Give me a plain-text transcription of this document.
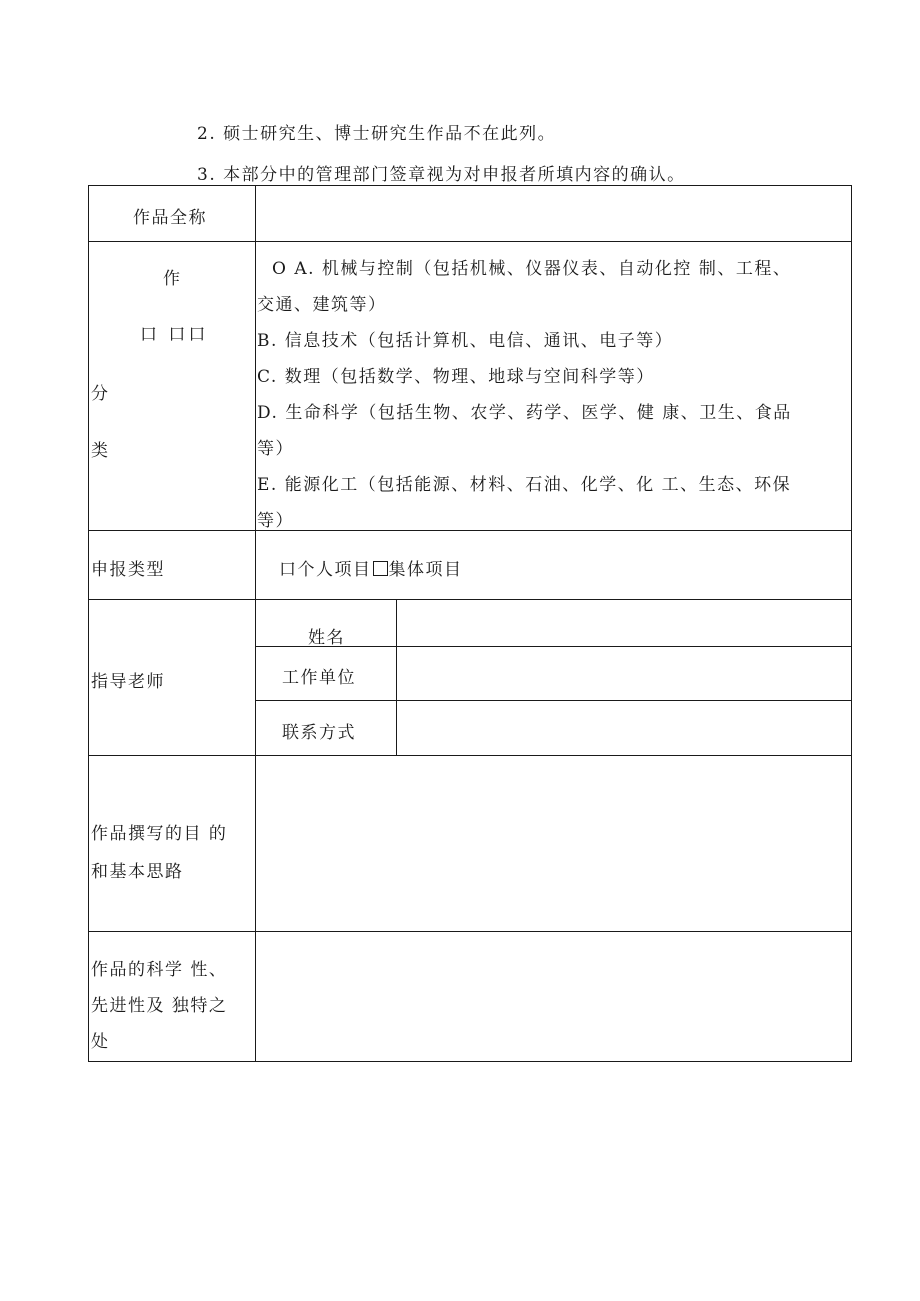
2. 硕士研究生、博士研究生作品不在此列。
3. 本部分中的管理部门签章视为对申报者所填内容的确认。
作品全称
作
口 口口
分
类
O A. 机械与控制（包括机械、仪器仪表、自动化控 制、工程、
交通、建筑等）
B. 信息技术（包括计算机、电信、通讯、电子等）
C. 数理（包括数学、物理、地球与空间科学等）
D. 生命科学（包括生物、农学、药学、医学、健 康、卫生、食品
等）
E. 能源化工（包括能源、材料、石油、化学、化 工、生态、环保
等）
申报类型	口个人项目 集体项目
指导老师
姓名
工作单位
联系方式
作品撰写的目 的
和基本思路
作品的科学 性、
先进性及 独特之
处
